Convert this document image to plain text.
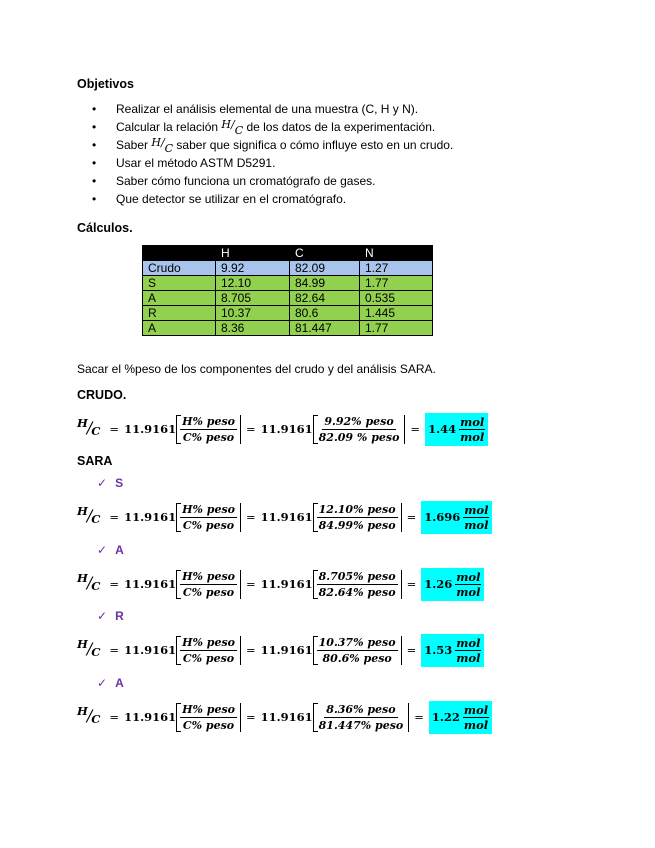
Objetivos
• Realizar el análisis elemental de una muestra (C, H y N).
• Calcular la relación $H/_C$ de los datos de la experimentación.
• Saber $H/_C$ saber que significa o cómo influye esto en un crudo.
• Usar el método ASTM D5291.
• Saber cómo funciona un cromatógrafo de gases.
• Que detector se utilizar en el cromatógrafo.
Cálculos.
	H	C	N
Crudo	9.92	82.09	1.27
S	12.10	84.99	1.77
A	8.705	82.64	0.535
R	10.37	80.6	1.445
A	8.36	81.447	1.77
Sacar el %peso de los componentes del crudo y del análisis SARA.
CRUDO.
$H / C = 11.9161 \frac{\text{H\% peso}}{\text{C\% peso}} = 11.9161 \frac{\text{9.92\% peso}}{\text{82.09 \% peso}} = 1.44$
mol
mol
SARA
✓ S
$H / C = 11.9161 \frac{\text{H\% peso}}{\text{C\% peso}} = 11.9161 \frac{\text{12.10\% peso}}{\text{84.99\% peso}} = 1.696$
mol
mol
✓ A
$H / C = 11.9161 \frac{\text{H\% peso}}{\text{C\% peso}} = 11.9161 \frac{\text{8.705\% peso}}{\text{82.64\% peso}} = 1.26$
mol
mol
✓ R
$H / C = 11.9161 \frac{\text{H\% peso}}{\text{C\% peso}} = 11.9161 \frac{\text{10.37\% peso}}{\text{80.6\% peso}} = 1.53$
mol
mol
✓ A
$H / C = 11.9161 \frac{\text{H\% peso}}{\text{C\% peso}} = 11.9161 \frac{\text{8.36\% peso}}{\text{81.447\% peso}} = 1.22$
mol
mol
